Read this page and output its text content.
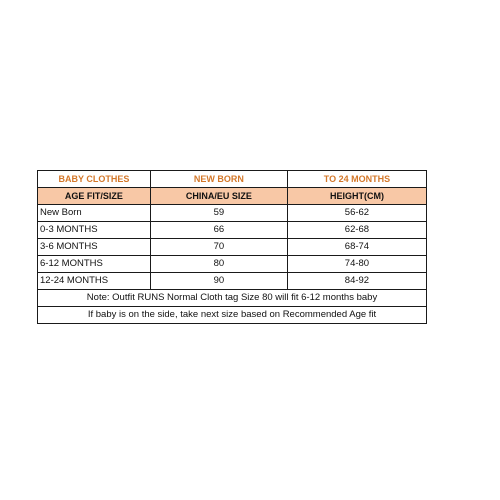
BABY CLOTHES	NEW BORN	TO 24 MONTHS
AGE FIT/SIZE	CHINA/EU SIZE	HEIGHT(CM)
New Born	59	56-62
0-3 MONTHS	66	62-68
3-6 MONTHS	70	68-74
6-12 MONTHS	80	74-80
12-24 MONTHS	90	84-92
Note: Outfit RUNS Normal Cloth tag Size 80 will fit 6-12 months baby		
If baby is on the side, take next size based on Recommended Age fit		
